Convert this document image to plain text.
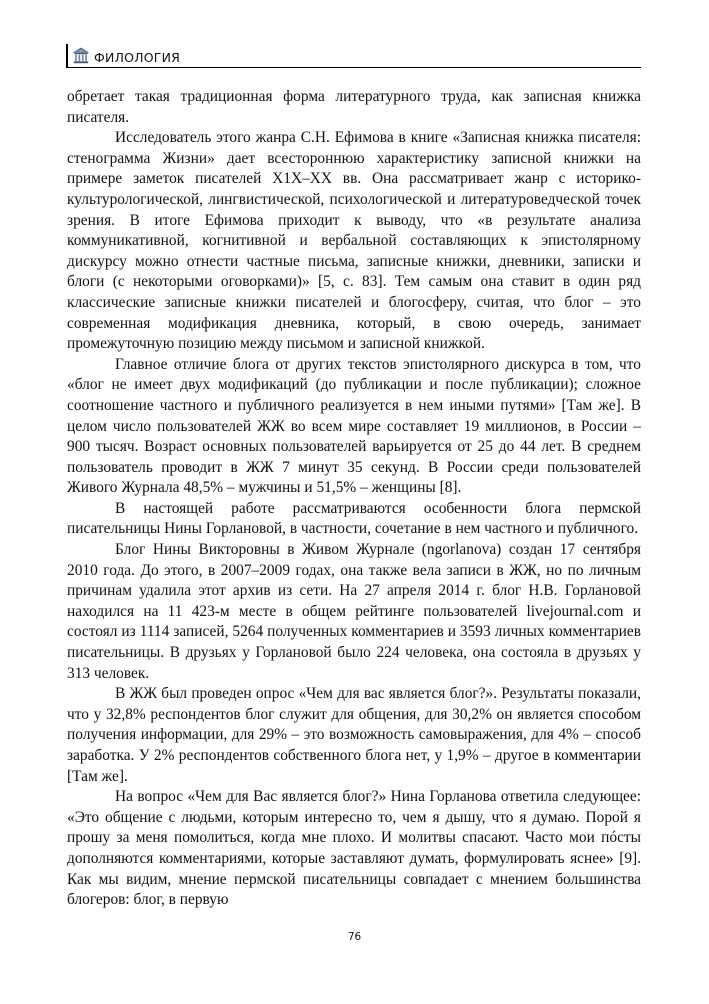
ФИЛОЛОГИЯ

обретает такая традиционная форма литературного труда, как записная книжка писателя.

Исследователь этого жанра С.Н. Ефимова в книге «Записная книжка писателя: стенограмма Жизни» дает всестороннюю характеристику записной книжки на примере заметок писателей Х1Х–ХХ вв. Она рассматривает жанр с историко-культурологической, лингвистической, психологической и литературоведческой точек зрения. В итоге Ефимова приходит к выводу, что «в результате анализа коммуникативной, когнитивной и вербальной составляющих к эпистолярному дискурсу можно отнести частные письма, записные книжки, дневники, записки и блоги (с некоторыми оговорками)» [5, с. 83]. Тем самым она ставит в один ряд классические записные книжки писателей и блогосферу, считая, что блог – это современная модификация дневника, который, в свою очередь, занимает промежуточную позицию между письмом и записной книжкой.

Главное отличие блога от других текстов эпистолярного дискурса в том, что «блог не имеет двух модификаций (до публикации и после публикации); сложное соотношение частного и публичного реализуется в нем иными путями» [Там же]. В целом число пользователей ЖЖ во всем мире составляет 19 миллионов, в России – 900 тысяч. Возраст основных пользователей варьируется от 25 до 44 лет. В среднем пользователь проводит в ЖЖ 7 минут 35 секунд. В России среди пользователей Живого Журнала 48,5% – мужчины и 51,5% – женщины [8].

В настоящей работе рассматриваются особенности блога пермской писательницы Нины Горлановой, в частности, сочетание в нем частного и публичного.

Блог Нины Викторовны в Живом Журнале (ngorlanova) создан 17 сентября 2010 года. До этого, в 2007–2009 годах, она также вела записи в ЖЖ, но по личным причинам удалила этот архив из сети. На 27 апреля 2014 г. блог Н.В. Горлановой находился на 11 423-м месте в общем рейтинге пользователей livejournal.com и состоял из 1114 записей, 5264 полученных комментариев и 3593 личных комментариев писательницы. В друзьях у Горлановой было 224 человека, она состояла в друзьях у 313 человек.

В ЖЖ был проведен опрос «Чем для вас является блог?». Результаты показали, что у 32,8% респондентов блог служит для общения, для 30,2% он является способом получения информации, для 29% – это возможность самовыражения, для 4% – способ заработка. У 2% респондентов собственного блога нет, у 1,9% – другое в комментарии [Там же].

На вопрос «Чем для Вас является блог?» Нина Горланова ответила следующее: «Это общение с людьми, которым интересно то, чем я дышу, что я думаю. Порой я прошу за меня помолиться, когда мне плохо. И молитвы спасают. Часто мои пóсты дополняются комментариями, которые заставляют думать, формулировать яснее» [9]. Как мы видим, мнение пермской писательницы совпадает с мнением большинства блогеров: блог, в первую

76
